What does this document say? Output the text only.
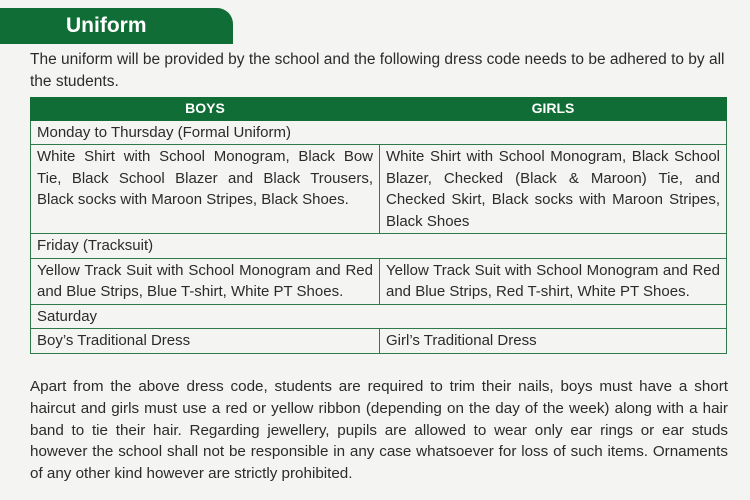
Uniform

The uniform will be provided by the school and the following dress code needs to be adhered to by all the students.

BOYS	GIRLS
Monday to Thursday (Formal Uniform)	
White Shirt with School Monogram, Black Bow Tie, Black School Blazer and Black Trousers, Black socks with Maroon Stripes, Black Shoes.	White Shirt with School Monogram, Black School Blazer, Checked (Black & Maroon) Tie, and Checked Skirt, Black socks with Maroon Stripes, Black Shoes
Friday (Tracksuit)	
Yellow Track Suit with School Monogram and Red and Blue Strips, Blue T-shirt, White PT Shoes.	Yellow Track Suit with School Monogram and Red and Blue Strips, Red T-shirt, White PT Shoes.
Saturday	
Boy’s Traditional Dress	Girl’s Traditional Dress

Apart from the above dress code, students are required to trim their nails, boys must have a short haircut and girls must use a red or yellow ribbon (depending on the day of the week) along with a hair band to tie their hair. Regarding jewellery, pupils are allowed to wear only ear rings or ear studs however the school shall not be responsible in any case whatsoever for loss of such items. Ornaments of any other kind however are strictly prohibited.
